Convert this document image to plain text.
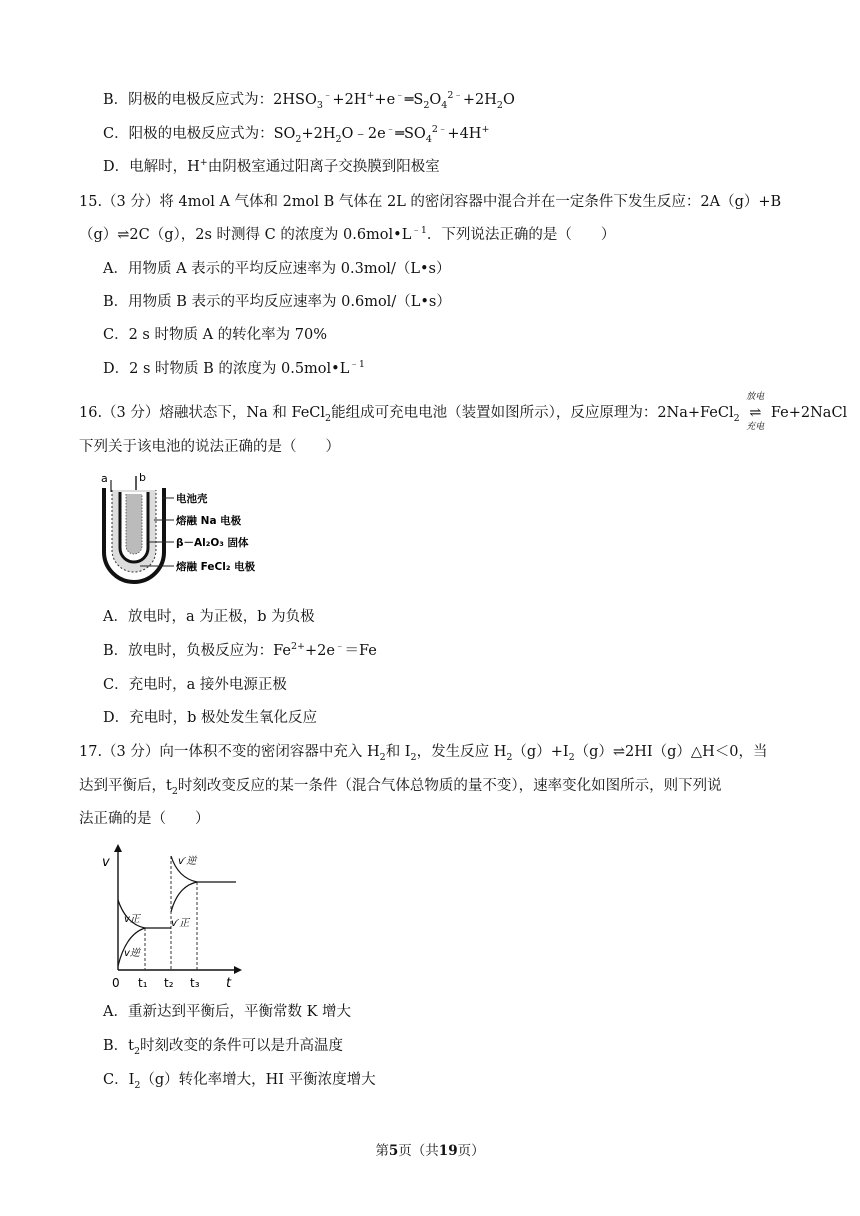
B．阴极的电极反应式为：$2HSO_3^﹣+2H^++e^﹣═S_2O_4^{2﹣}+2H_2O$
C．阳极的电极反应式为：$SO_2+2H_2O﹣2e^﹣═SO_4^{2﹣}+4H^+$
D．电解时，H+由阴极室通过阳离子交换膜到阳极室
15.（3 分）将 4mol A 气体和 2mol B 气体在 2L 的密闭容器中混合并在一定条件下发生反应：2A（g）+B
（g）⇌2C（g），2s 时测得 C 的浓度为 $0.6mol•L^{﹣1}$．下列说法正确的是（　　）
A．用物质 A 表示的平均反应速率为 0.3mol/（L•s）
B．用物质 B 表示的平均反应速率为 0.6mol/（L•s）
C．2 s 时物质 A 的转化率为 70%
D．2 s 时物质 B 的浓度为 $0.5mol•L^{﹣1}$
16.（3 分）熔融状态下，Na 和 FeCl$_2$能组成可充电电池（装置如图所示），反应原理为：2Na+FeCl$_2$
放电
⇌
充电
Fe+2NaCl
下列关于该电池的说法正确的是（　　）
a	b
电池壳
熔融 Na 电极
β－Al₂O₃ 固体
熔融 FeCl₂ 电极
A．放电时，a 为正极，b 为负极
B．放电时，负极反应为：$Fe^{2+}+2e^﹣=Fe$
C．充电时，a 接外电源正极
D．充电时，b 极处发生氧化反应
17.（3 分）向一体积不变的密闭容器中充入 $H_2$和 $I_2$，发生反应 $H_2(g)+I_2(g)\rightleftharpoons 2HI(g)\triangle H<0$，当
达到平衡后，$t_2$时刻改变反应的某一条件（混合气体总物质的量不变），速率变化如图所示，则下列说
法正确的是（　　）
v
t
0 t₁ t₂ t₃
v正
v逆
v′逆
v′正
A．重新达到平衡后，平衡常数 K 增大
B．$t_2$时刻改变的条件可以是升高温度
C．$I_2(g)$转化率增大，HI 平衡浓度增大
第5页（共19页）
